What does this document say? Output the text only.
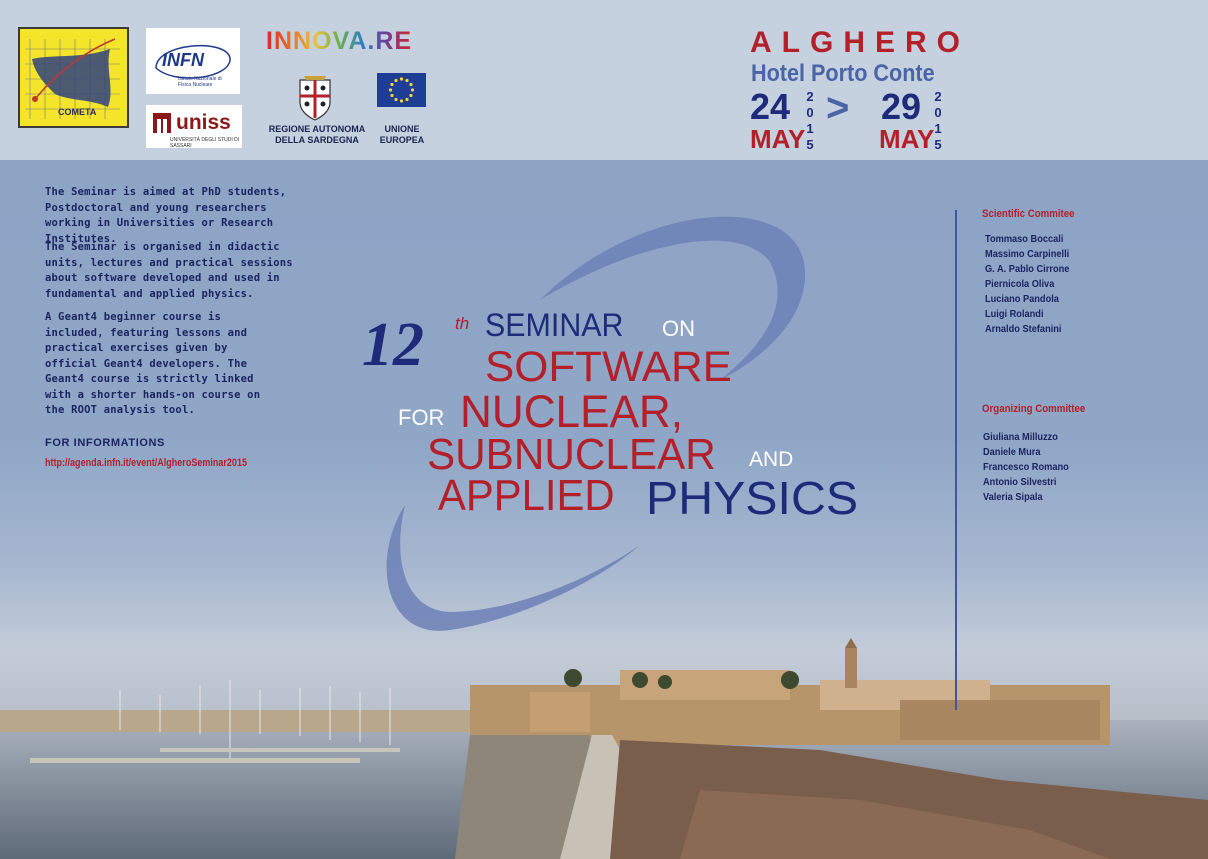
COMETA
INFN
Istituto Nazionale di Fisica Nucleare
uniss
UNIVERSITÀ DEGLI STUDI DI SASSARI
INNOVA.RE
REGIONE AUTONOMA
DELLA SARDEGNA
UNIONE
EUROPEA
ALGHERO
Hotel Porto Conte
24
MAY
2
0
1
5
> 29
MAY
2
0
1
5
The Seminar is aimed at PhD students, Postdoctoral and young researchers working in Universities or Research Institutes.
The Seminar is organised in didactic units, lectures and practical sessions about software developed and used in fundamental and applied physics.
A Geant4 beginner course is included, featuring lessons and practical exercises given by official Geant4 developers. The Geant4 course is strictly linked with a shorter hands-on course on the ROOT analysis tool.
FOR INFORMATIONS
http://agenda.infn.it/event/AlgheroSeminar2015
12 th SEMINAR ON
SOFTWARE
FOR NUCLEAR,
SUBNUCLEAR AND
APPLIED PHYSICS
Scientific Commitee
Tommaso Boccali
Massimo Carpinelli
G. A. Pablo Cirrone
Piernicola Oliva
Luciano Pandola
Luigi Rolandi
Arnaldo Stefanini
Organizing Committee
Giuliana Milluzzo
Daniele Mura
Francesco Romano
Antonio Silvestri
Valeria Sipala
